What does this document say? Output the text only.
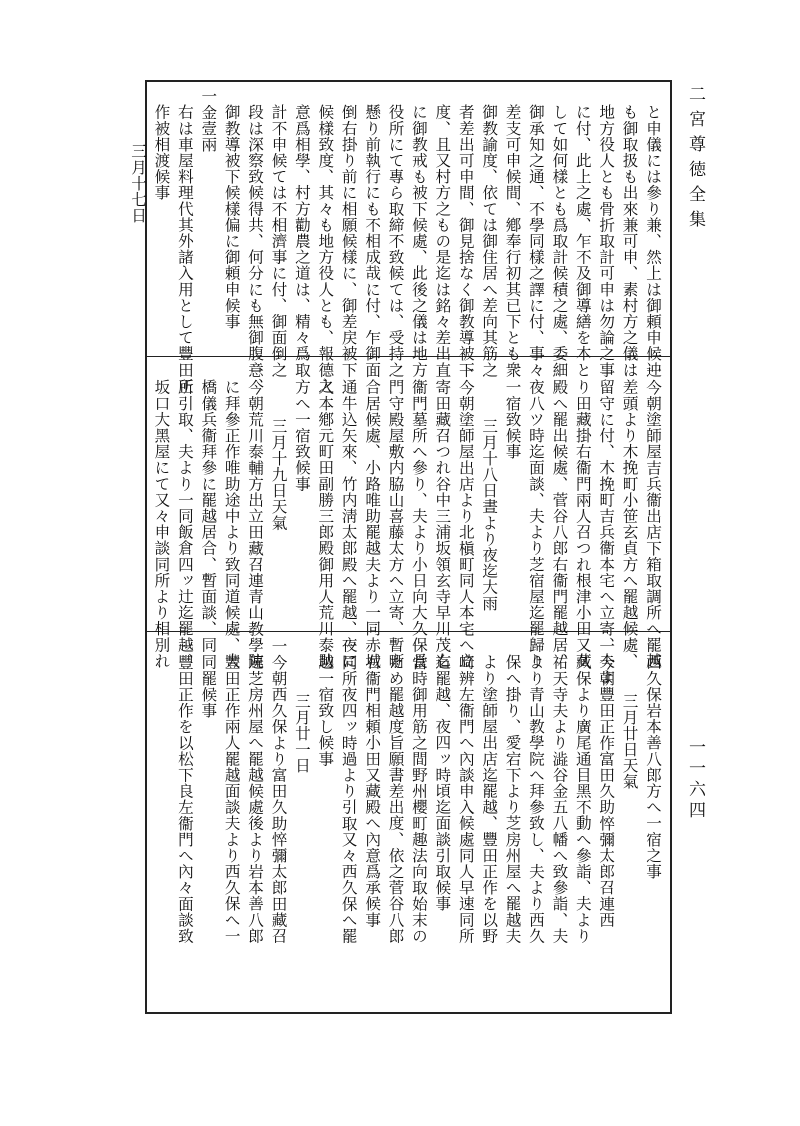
二宮尊徳全集
一一六四
と申儀には參り兼、然上は御頼申候迚
も御取扱も出來兼可申、素村方之儀は
地方役人とも骨折取計可申は勿論之事
に付、此上之處、乍不及御導繕を本と
して如何樣とも爲取計候積之處、委細
御承知之通、不學同樣之譯に付、事々
差支可申候間、鄕奉行初其已下とも衆
御教諭度、依ては御住居へ差向其筋之
者差出可申間、御見捨なく御教導被下
度、且又村方之もの是迄は銘々差出直
に御教戒も被下候處、此後之儀は地方
役所にて專ら取締不致候ては、受持之
懸り前執行にも不相成哉に付、乍御面
倒右掛り前に相願候樣に、御差戻被下
候樣致度、其々も地方役人とも、報德之
意爲相學、村方勸農之道は、精々爲取
計不申候ては不相濟事に付、御面倒之
段は深察致候得共、何分にも無御腹意、
御教導被下候樣偏に御頼申候事
一金壹兩
右は車屋料理代其外諸入用として豐田正
作被相渡候事
三月十七日
一今朝塗師屋吉兵衞出店下箱取調所へ罷越
差頭より木挽町小笹玄貞方へ罷越候處、
留守に付、木挽町吉兵衞本宅へ立寄、夫よ
り田藏掛右衞門兩人召つれ根津小田又藏
殿へ罷出候處、菅谷八郎右衞門罷越居、
夜八ツ時迄面談、夫より芝宿屋迄罷歸り
一宿致候事
三月十八日晝より夜迄大雨
一今朝塗師屋出店より北槇町同人本宅へ立
寄田藏召つれ谷中三浦坂領玄寺早川茂右
衞門墓所へ參り、夫より小日向大久保長
門守殿屋敷内脇山喜藤太方へ立寄、暫噺
合居候處、小路唯助罷越夫より一同赤城
通牛込矢來、竹内淸太郎殿へ罷越、夜に
入本鄕元町田副勝三郎殿御用人荒川泰助
方へ一宿致候事
三月十九日天氣
一今朝荒川泰輔方出立田藏召連青山教學院
に拜參正作唯助途中より致同道候處、大
橋儀兵衞拜參に罷越居合、暫面談、同
所引取、夫より一同飯倉四ッ辻迄罷越、
坂口大黑屋にて又々申談同所より相別れ
西久保岩本善八郎方へ一宿之事
三月廿日天氣
一今朝豐田正作富田久助悴彌太郎召連西
久保より廣尾通目黑不動へ參詣、夫より
祐天寺夫より澁谷金五八幡へ致參詣、夫
より青山教學院へ拜參致し、夫より西久
保へ掛り、愛宕下より芝房州屋へ罷越夫
より塗師屋出店迄罷越、豐田正作を以野
崎辨左衞門へ內談申入候處同人早速同所
迄罷越、夜四ッ時頃迄面談引取候事
一當時御用筋之間野州櫻町趣法向取始末の
ため罷越度旨願書差出度、依之菅谷八郎
右衞門相頼小田又藏殿へ內意爲承候事
一同所夜四ッ時過より引取又々西久保へ罷
越一宿致し候事
三月廿一日
一今朝西久保より富田久助悴彌太郎田藏召
連芝房州屋へ罷越候處後より岩本善八郎
豐田正作兩人罷越面談夫より西久保へ一
同罷候事
一豐田正作を以松下良左衞門へ內々面談致
